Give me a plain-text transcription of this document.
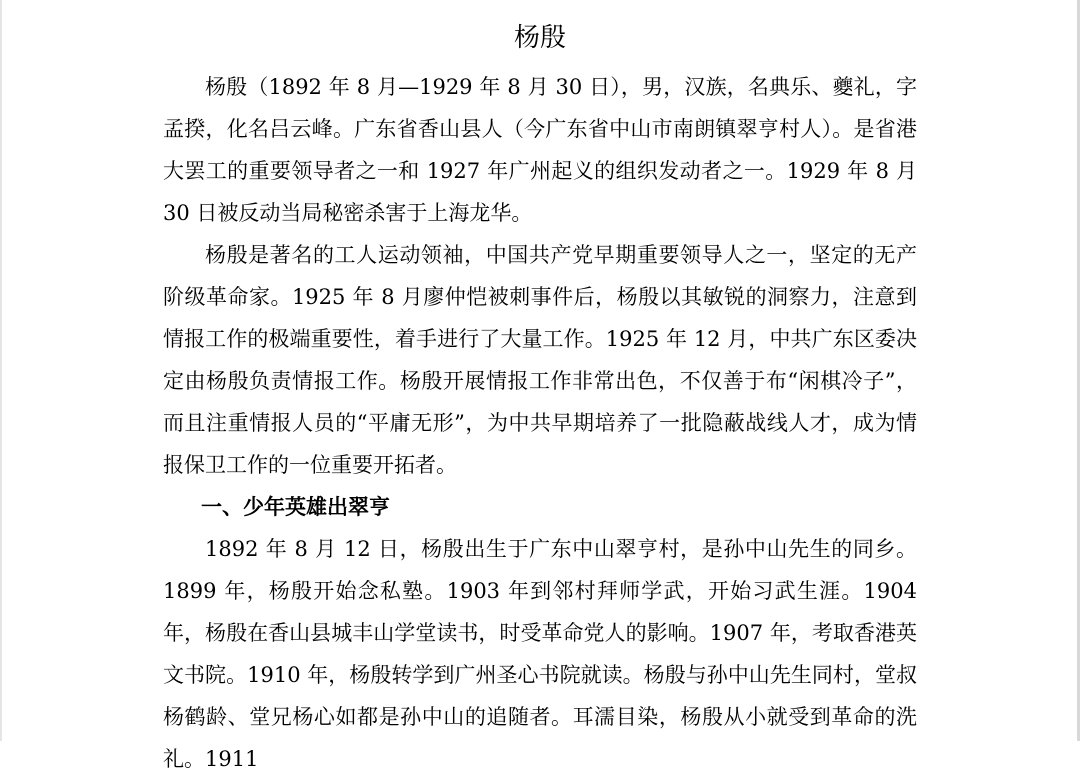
杨殷

杨殷（1892 年 8 月—1929 年 8 月 30 日），男，汉族，名典乐、夔礼，字孟揆，化名吕云峰。广东省香山县人（今广东省中山市南朗镇翠亨村人）。是省港大罢工的重要领导者之一和 1927 年广州起义的组织发动者之一。1929 年 8 月 30 日被反动当局秘密杀害于上海龙华。

杨殷是著名的工人运动领袖，中国共产党早期重要领导人之一，坚定的无产阶级革命家。1925 年 8 月廖仲恺被刺事件后，杨殷以其敏锐的洞察力，注意到情报工作的极端重要性，着手进行了大量工作。1925 年 12 月，中共广东区委决定由杨殷负责情报工作。杨殷开展情报工作非常出色，不仅善于布“闲棋冷子”，而且注重情报人员的“平庸无形”，为中共早期培养了一批隐蔽战线人才，成为情报保卫工作的一位重要开拓者。

一、少年英雄出翠亨

1892 年 8 月 12 日，杨殷出生于广东中山翠亨村，是孙中山先生的同乡。1899 年，杨殷开始念私塾。1903 年到邻村拜师学武，开始习武生涯。1904 年，杨殷在香山县城丰山学堂读书，时受革命党人的影响。1907 年，考取香港英文书院。1910 年，杨殷转学到广州圣心书院就读。杨殷与孙中山先生同村，堂叔杨鹤龄、堂兄杨心如都是孙中山的追随者。耳濡目染，杨殷从小就受到革命的洗礼。1911
